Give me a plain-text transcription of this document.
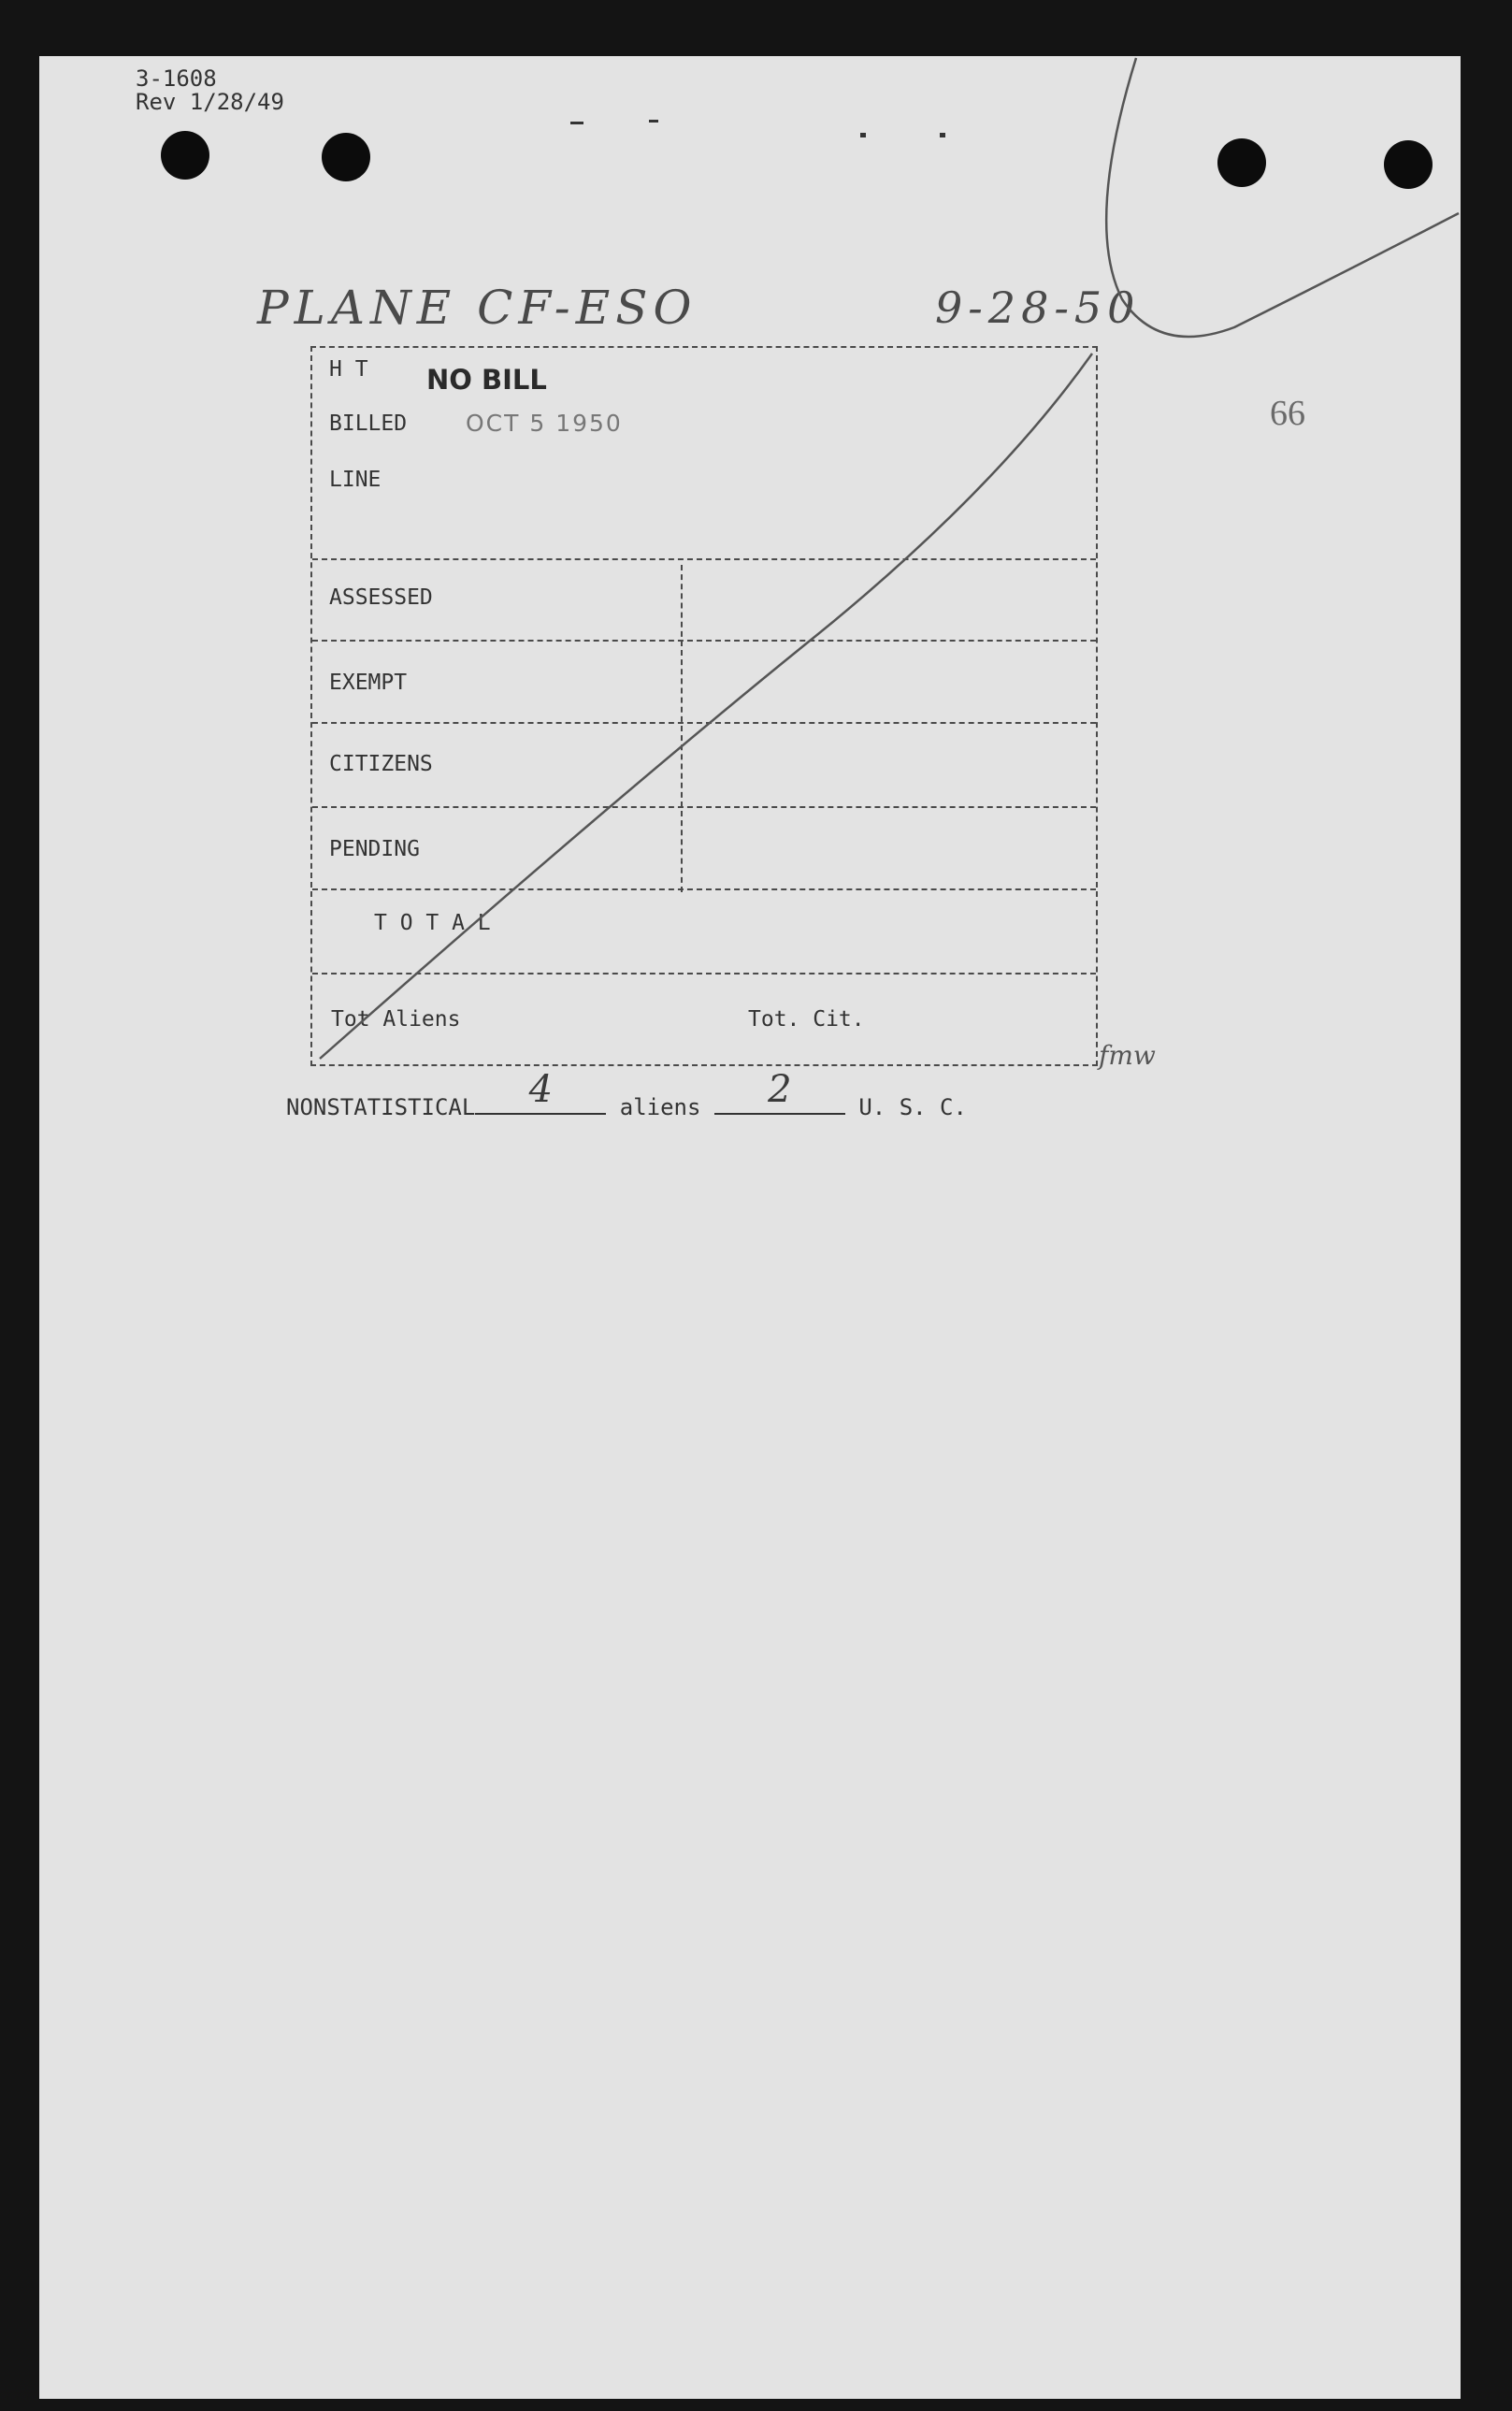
3-1608
Rev 1/28/49
PLANE CF-ESO	9-28-50
66
H T NO BILL
BILLED	OCT 5 1950
LINE
ASSESSED
EXEMPT
CITIZENS
PENDING
T O T A L
Tot Aliens	Tot. Cit.
fmw
NONSTATISTICAL	4	aliens	2	U. S. C.
